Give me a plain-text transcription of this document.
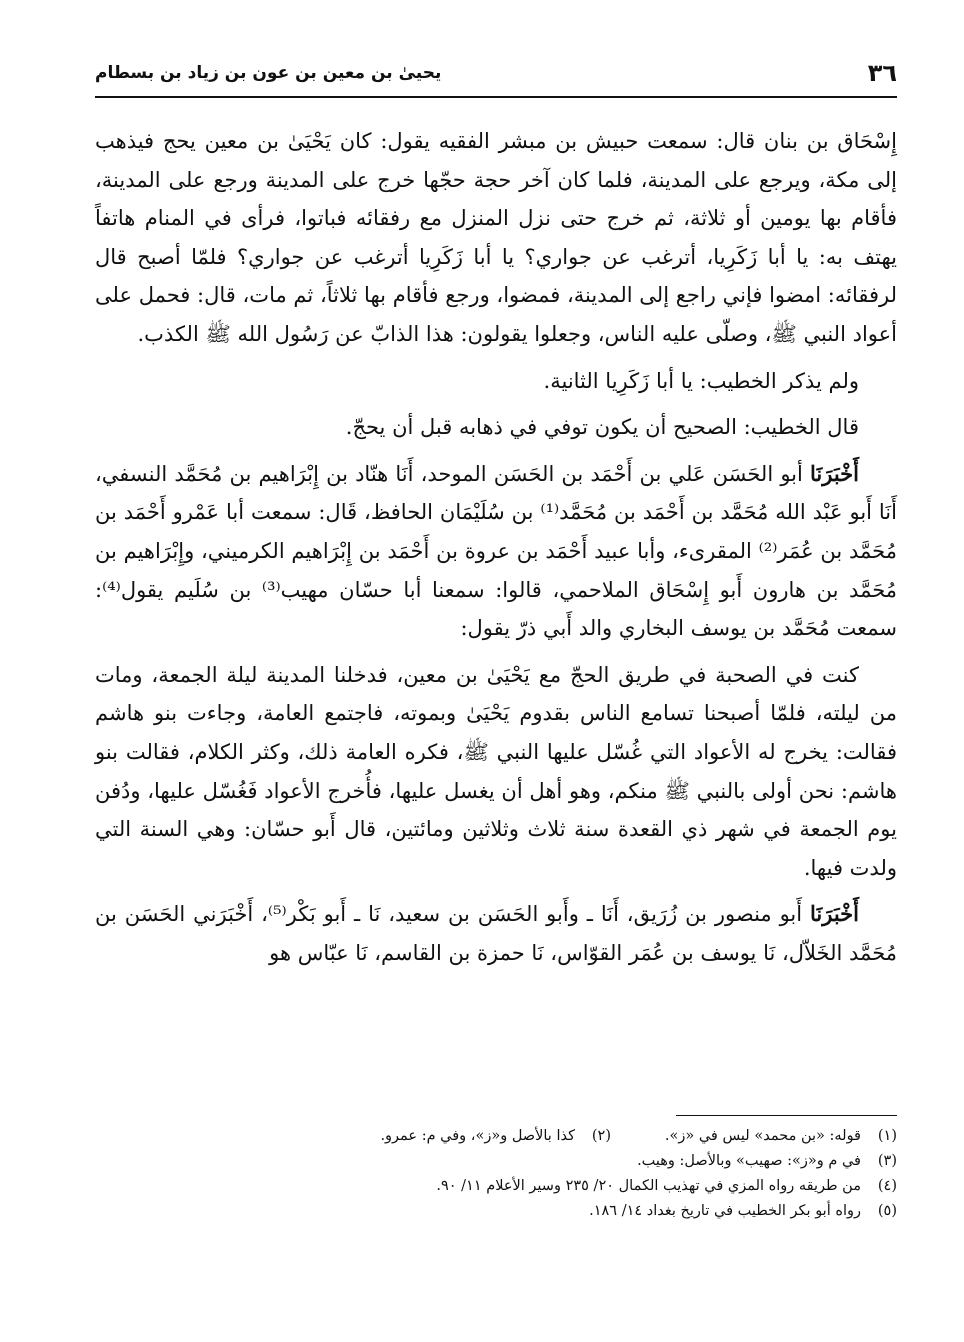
٣٦
يحيىٰ بن معين بن عون بن زياد بن بسطام

إِسْحَاق بن بنان قال: سمعت حبيش بن مبشر الفقيه يقول: كان يَحْيَىٰ بن معين يحج فيذهب إلى مكة، ويرجع على المدينة، فلما كان آخر حجة حجّها خرج على المدينة ورجع على المدينة، فأقام بها يومين أو ثلاثة، ثم خرج حتى نزل المنزل مع رفقائه فباتوا، فرأى في المنام هاتفاً يهتف به: يا أبا زَكَرِيا، أترغب عن جواري؟ يا أبا زَكَرِيا أترغب عن جواري؟ فلمّا أصبح قال لرفقائه: امضوا فإني راجع إلى المدينة، فمضوا، ورجع فأقام بها ثلاثاً، ثم مات، قال: فحمل على أعواد النبي ﷺ، وصلّى عليه الناس، وجعلوا يقولون: هذا الذابّ عن رَسُول الله ﷺ الكذب.

ولم يذكر الخطيب: يا أبا زَكَرِيا الثانية.

قال الخطيب: الصحيح أن يكون توفي في ذهابه قبل أن يحجّ.

أَخْبَرَنَا أبو الحَسَن عَلي بن أَحْمَد بن الحَسَن الموحد، أَنَا هنّاد بن إِبْرَاهيم بن مُحَمَّد النسفي، أَنَا أَبو عَبْد الله مُحَمَّد بن أَحْمَد بن مُحَمَّد⁽¹⁾ بن سُلَيْمَان الحافظ، قَال: سمعت أبا عَمْرو أَحْمَد بن مُحَمَّد بن عُمَر⁽²⁾ المقرىء، وأبا عبيد أَحْمَد بن عروة بن أَحْمَد بن إِبْرَاهيم الكرميني، وإِبْرَاهيم بن مُحَمَّد بن هارون أَبو إِسْحَاق الملاحمي، قالوا: سمعنا أبا حسّان مهيب⁽³⁾ بن سُلَيم يقول⁽⁴⁾: سمعت مُحَمَّد بن يوسف البخاري والد أَبي ذرّ يقول:

كنت في الصحبة في طريق الحجّ مع يَحْيَىٰ بن معين، فدخلنا المدينة ليلة الجمعة، ومات من ليلته، فلمّا أصبحنا تسامع الناس بقدوم يَحْيَىٰ وبموته، فاجتمع العامة، وجاءت بنو هاشم فقالت: يخرج له الأعواد التي غُسّل عليها النبي ﷺ، فكره العامة ذلك، وكثر الكلام، فقالت بنو هاشم: نحن أولى بالنبي ﷺ منكم، وهو أهل أن يغسل عليها، فأُخرج الأعواد فَغُسّل عليها، ودُفن يوم الجمعة في شهر ذي القعدة سنة ثلاث وثلاثين ومائتين، قال أَبو حسّان: وهي السنة التي ولدت فيها.

أَخْبَرَنَا أَبو منصور بن زُرَيق، أَنَا ـ وأَبو الحَسَن بن سعيد، نَا ـ أَبو بَكْر⁽⁵⁾، أَخْبَرَني الحَسَن بن مُحَمَّد الخَلاّل، نَا يوسف بن عُمَر القوّاس، نَا حمزة بن القاسم، نَا عبّاس هو

(١)
قوله: «بن محمد» ليس في «ز».
(٢)
كذا بالأصل و«ز»، وفي م: عمرو.
(٣)
في م و«ز»: صهيب» وبالأصل: وهيب.
(٤)
من طريقه رواه المزي في تهذيب الكمال ٢٠/ ٢٣٥ وسير الأعلام ١١/ ٩٠.
(٥)
رواه أبو بكر الخطيب في تاريخ بغداد ١٤/ ١٨٦.
